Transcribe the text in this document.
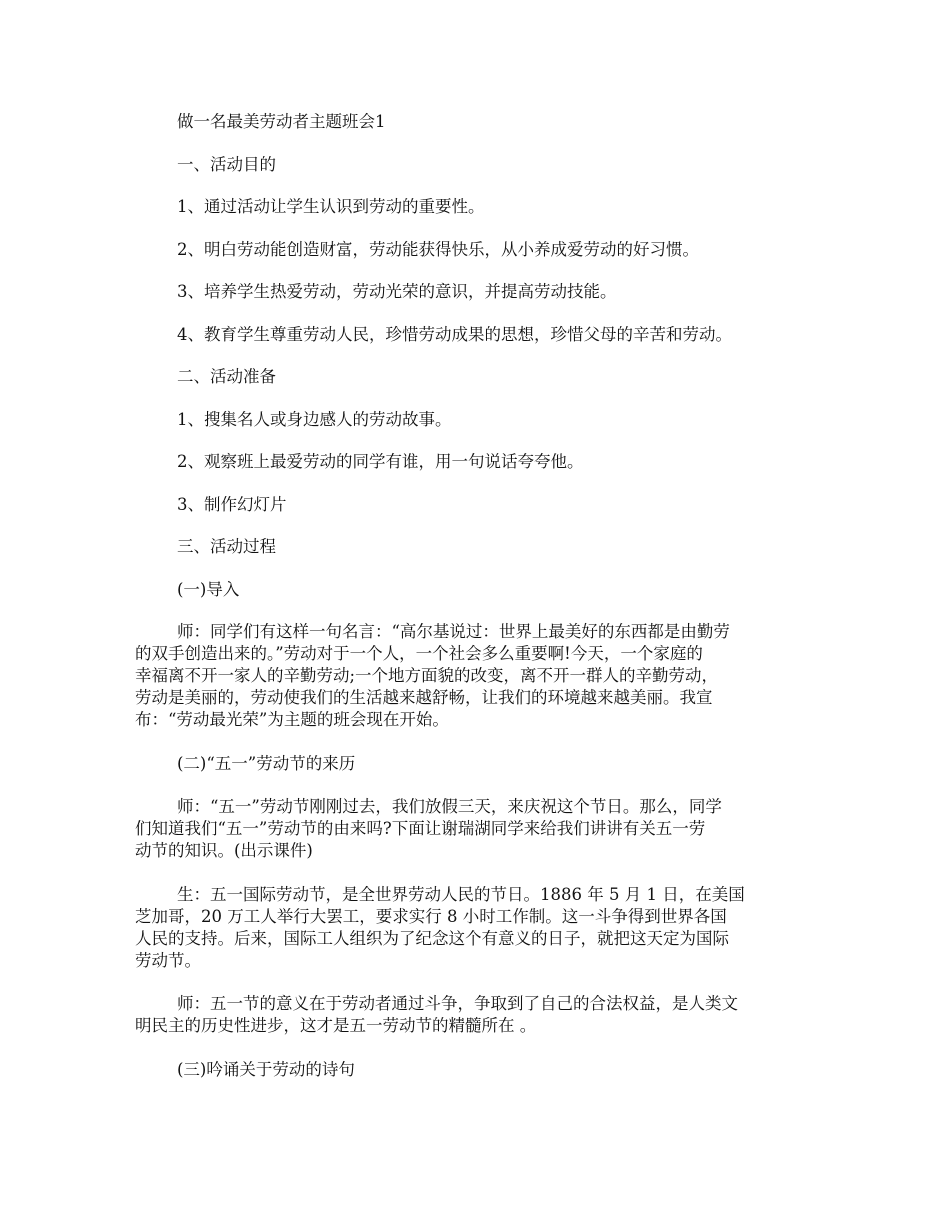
做一名最美劳动者主题班会1

一、活动目的

1、通过活动让学生认识到劳动的重要性。

2、明白劳动能创造财富，劳动能获得快乐，从小养成爱劳动的好习惯。

3、培养学生热爱劳动，劳动光荣的意识，并提高劳动技能。

4、教育学生尊重劳动人民，珍惜劳动成果的思想，珍惜父母的辛苦和劳动。

二、活动准备

1、搜集名人或身边感人的劳动故事。

2、观察班上最爱劳动的同学有谁，用一句说话夸夸他。

3、制作幻灯片

三、活动过程

(一)导入

师：同学们有这样一句名言：“高尔基说过：世界上最美好的东西都是由勤劳

的双手创造出来的。”劳动对于一个人，一个社会多么重要啊!今天，一个家庭的

幸福离不开一家人的辛勤劳动;一个地方面貌的改变，离不开一群人的辛勤劳动，

劳动是美丽的，劳动使我们的生活越来越舒畅，让我们的环境越来越美丽。我宣

布：“劳动最光荣”为主题的班会现在开始。

(二)“五一”劳动节的来历

师：“五一”劳动节刚刚过去，我们放假三天，来庆祝这个节日。那么，同学

们知道我们“五一”劳动节的由来吗?下面让谢瑞湖同学来给我们讲讲有关五一劳

动节的知识。(出示课件)

生：五一国际劳动节，是全世界劳动人民的节日。1886 年 5 月 1 日，在美国

芝加哥，20 万工人举行大罢工，要求实行 8 小时工作制。这一斗争得到世界各国

人民的支持。后来，国际工人组织为了纪念这个有意义的日子，就把这天定为国际

劳动节。

师：五一节的意义在于劳动者通过斗争，争取到了自己的合法权益，是人类文

明民主的历史性进步，这才是五一劳动节的精髓所在 。

(三)吟诵关于劳动的诗句
